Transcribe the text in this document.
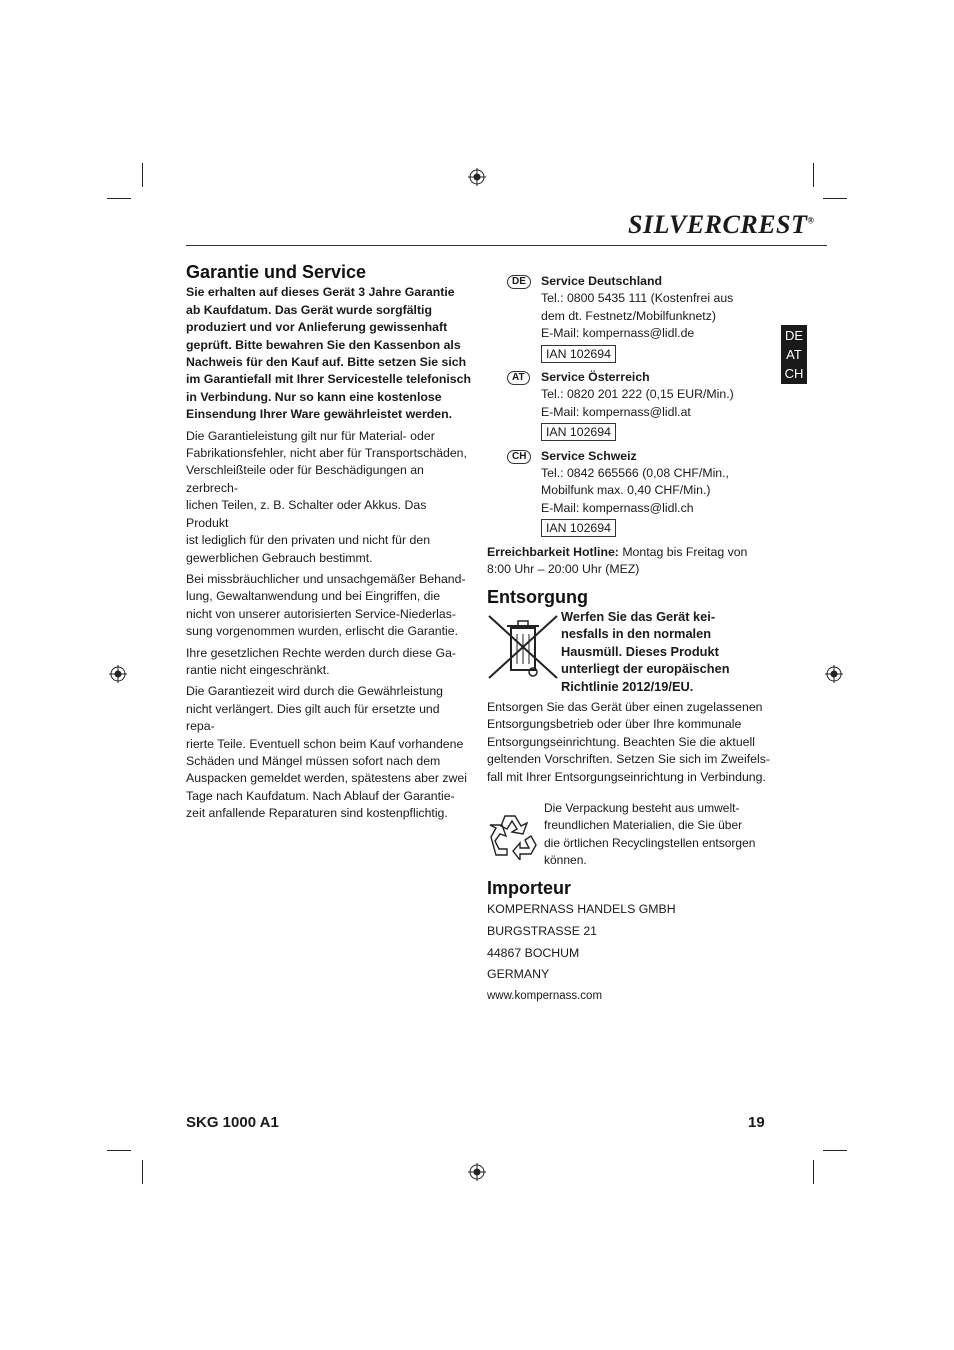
SILVERCREST®
DE
AT
CH
Garantie und Service

Sie erhalten auf dieses Gerät 3 Jahre Garantie
ab Kaufdatum. Das Gerät wurde sorgfältig
produziert und vor Anlieferung gewissenhaft
geprüft. Bitte bewahren Sie den Kassenbon als
Nachweis für den Kauf auf. Bitte setzen Sie sich
im Garantiefall mit Ihrer Servicestelle telefonisch
in Verbindung. Nur so kann eine kostenlose
Einsendung Ihrer Ware gewährleistet werden.

Die Garantieleistung gilt nur für Material- oder
Fabrikationsfehler, nicht aber für Transportschäden,
Verschleißteile oder für Beschädigungen an zerbrech-
lichen Teilen, z. B. Schalter oder Akkus. Das Produkt
ist lediglich für den privaten und nicht für den
gewerblichen Gebrauch bestimmt.

Bei missbräuchlicher und unsachgemäßer Behand-
lung, Gewaltanwendung und bei Eingriffen, die
nicht von unserer autorisierten Service-Niederlas-
sung vorgenommen wurden, erlischt die Garantie.

Ihre gesetzlichen Rechte werden durch diese Ga-
rantie nicht eingeschränkt.

Die Garantiezeit wird durch die Gewährleistung
nicht verlängert. Dies gilt auch für ersetzte und repa-
rierte Teile. Eventuell schon beim Kauf vorhandene
Schäden und Mängel müssen sofort nach dem
Auspacken gemeldet werden, spätestens aber zwei
Tage nach Kaufdatum. Nach Ablauf der Garantie-
zeit anfallende Reparaturen sind kostenpflichtig.

DE	Service Deutschland
Tel.: 0800 5435 111 (Kostenfrei aus
dem dt. Festnetz/Mobilfunknetz)
E-Mail: kompernass@lidl.de
IAN 102694
AT	Service Österreich
Tel.: 0820 201 222 (0,15 EUR/Min.)
E-Mail: kompernass@lidl.at
IAN 102694
CH	Service Schweiz
Tel.: 0842 665566 (0,08 CHF/Min.,
Mobilfunk max. 0,40 CHF/Min.)
E-Mail: kompernass@lidl.ch
IAN 102694

Erreichbarkeit Hotline: Montag bis Freitag von
8:00 Uhr – 20:00 Uhr (MEZ)

Entsorgung

Werfen Sie das Gerät kei-
nesfalls in den normalen
Hausmüll. Dieses Produkt
unterliegt der europäischen
Richtlinie 2012/19/EU.

Entsorgen Sie das Gerät über einen zugelassenen
Entsorgungsbetrieb oder über Ihre kommunale
Entsorgungseinrichtung. Beachten Sie die aktuell
geltenden Vorschriften. Setzen Sie sich im Zweifels-
fall mit Ihrer Entsorgungseinrichtung in Verbindung.

Die Verpackung besteht aus umwelt-
freundlichen Materialien, die Sie über
die örtlichen Recyclingstellen entsorgen
können.

Importeur
KOMPERNASS HANDELS GMBH
BURGSTRASSE 21
44867 BOCHUM
GERMANY
www.kompernass.com
SKG 1000 A1	19
